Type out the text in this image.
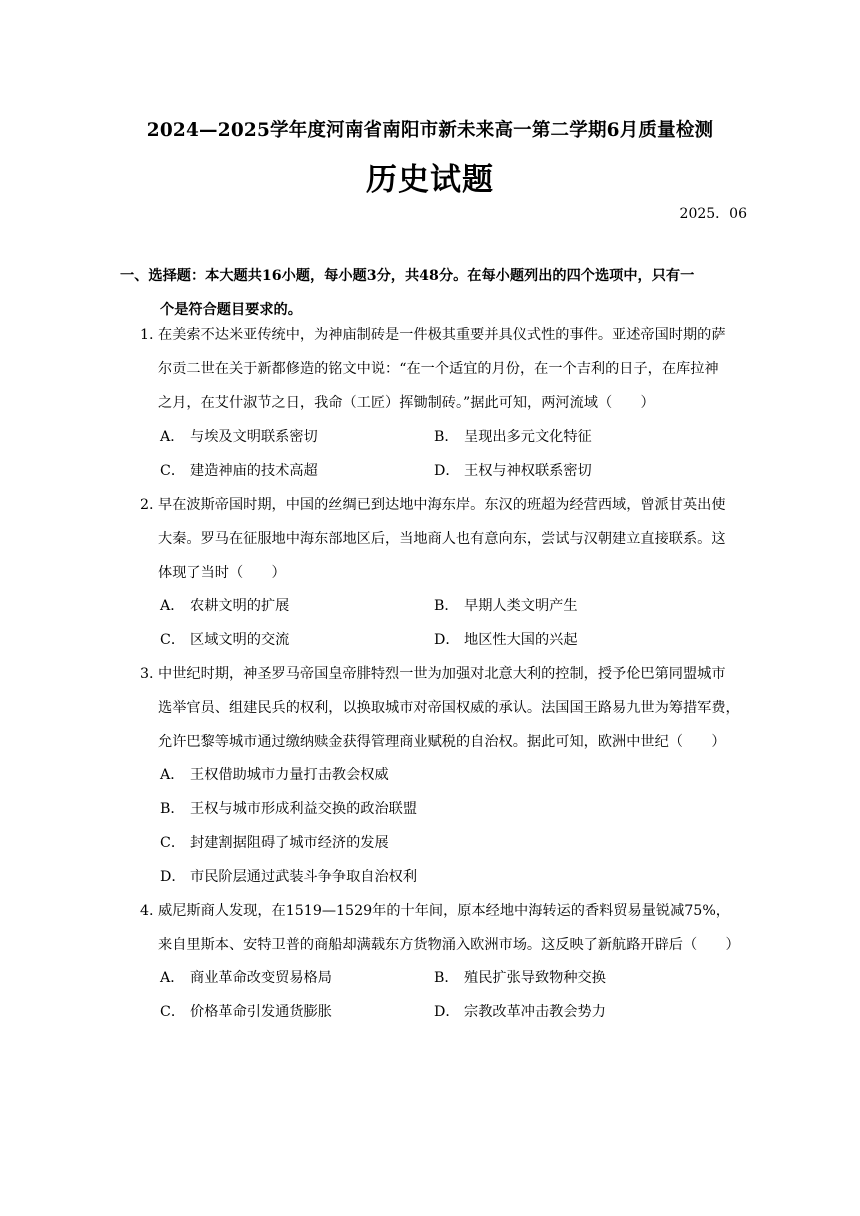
2024—2025学年度河南省南阳市新未来高一第二学期6月质量检测
历史试题
2025．06
一、选择题：本大题共16小题，每小题3分，共48分。在每小题列出的四个选项中，只有一
个是符合题目要求的。
1. 在美索不达米亚传统中，为神庙制砖是一件极其重要并具仪式性的事件。亚述帝国时期的萨
尔贡二世在关于新都修造的铭文中说：“在一个适宜的月份，在一个吉利的日子，在库拉神
之月，在艾什淑节之日，我命（工匠）挥锄制砖。”据此可知，两河流域（　　）
A． 与埃及文明联系密切	B． 呈现出多元文化特征
C． 建造神庙的技术高超	D． 王权与神权联系密切
2. 早在波斯帝国时期，中国的丝绸已到达地中海东岸。东汉的班超为经营西域，曾派甘英出使
大秦。罗马在征服地中海东部地区后，当地商人也有意向东，尝试与汉朝建立直接联系。这
体现了当时（　　）
A． 农耕文明的扩展	B． 早期人类文明产生
C． 区域文明的交流	D． 地区性大国的兴起
3. 中世纪时期，神圣罗马帝国皇帝腓特烈一世为加强对北意大利的控制，授予伦巴第同盟城市
选举官员、组建民兵的权利，以换取城市对帝国权威的承认。法国国王路易九世为筹措军费，
允许巴黎等城市通过缴纳赎金获得管理商业赋税的自治权。据此可知，欧洲中世纪（　　）
A． 王权借助城市力量打击教会权威
B． 王权与城市形成利益交换的政治联盟
C． 封建割据阻碍了城市经济的发展
D． 市民阶层通过武装斗争争取自治权利
4. 威尼斯商人发现，在1519—1529年的十年间，原本经地中海转运的香料贸易量锐减75%，
来自里斯本、安特卫普的商船却满载东方货物涌入欧洲市场。这反映了新航路开辟后（　　）
A． 商业革命改变贸易格局	B． 殖民扩张导致物种交换
C． 价格革命引发通货膨胀	D． 宗教改革冲击教会势力
